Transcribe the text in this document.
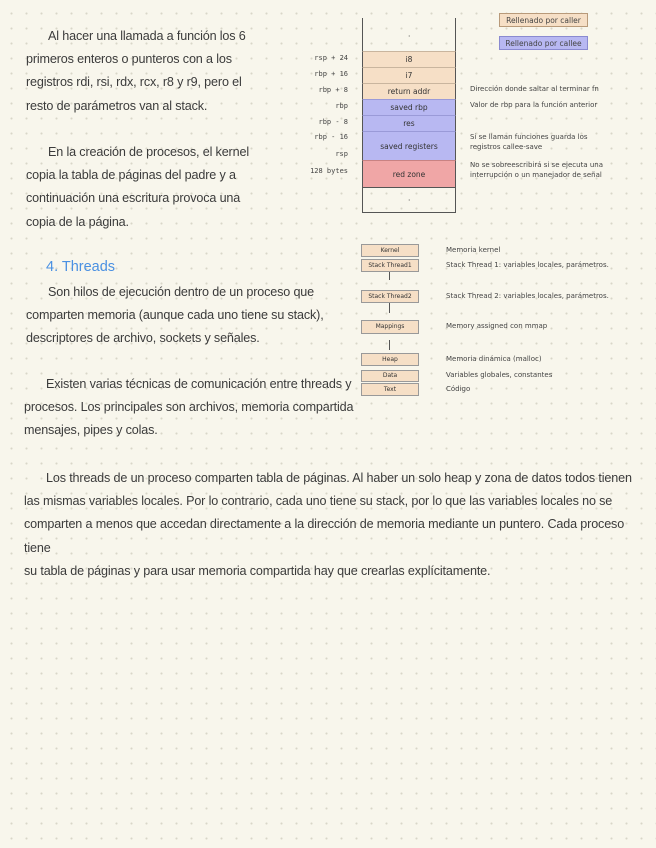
Al hacer una llamada a función los 6

primeros enteros o punteros con a los

registros rdi, rsi, rdx, rcx, r8 y r9, pero el

resto de parámetros van al stack.

En la creación de procesos, el kernel

copia la tabla de páginas del padre y a

continuación una escritura provoca una

copia de la página.

4. Threads

Son hilos de ejecución dentro de un proceso que

comparten memoria (aunque cada uno tiene su stack),

descriptores de archivo, sockets y señales.

Existen varias técnicas de comunicación entre threads y

procesos. Los principales son archivos, memoria compartida

mensajes, pipes y colas.

Los threads de un proceso comparten tabla de páginas. Al haber un solo heap y zona de datos todos tienen

las mismas variables locales. Por lo contrario, cada uno tiene su stack, por lo que las variables locales no se

comparten a menos que accedan directamente a la dirección de memoria mediante un puntero. Cada proceso tiene

su tabla de páginas y para usar memoria compartida hay que crearlas explícitamente.

Rellenado por caller
Rellenado por callee
·
i8
i7
return addr
saved rbp
res
saved registers
red zone
·
rsp + 24
rbp + 16
rbp + 8
rbp
rbp - 8
rbp - 16
rsp
128 bytes
Dirección donde saltar al terminar fn
Valor de rbp para la función anterior
Si se llaman funciones guarda los registros callee-save
No se sobreescribirá si se ejecuta una interrupción o un manejador de señal
Kernel
Stack Thread1
Stack Thread2
Mappings
Heap
Data
Text
Memoria kernel
Stack Thread 1: variables locales, parámetros.
Stack Thread 2: variables locales, parámetros.
Memory assigned con mmap
Memoria dinámica (malloc)
Variables globales, constantes
Código
